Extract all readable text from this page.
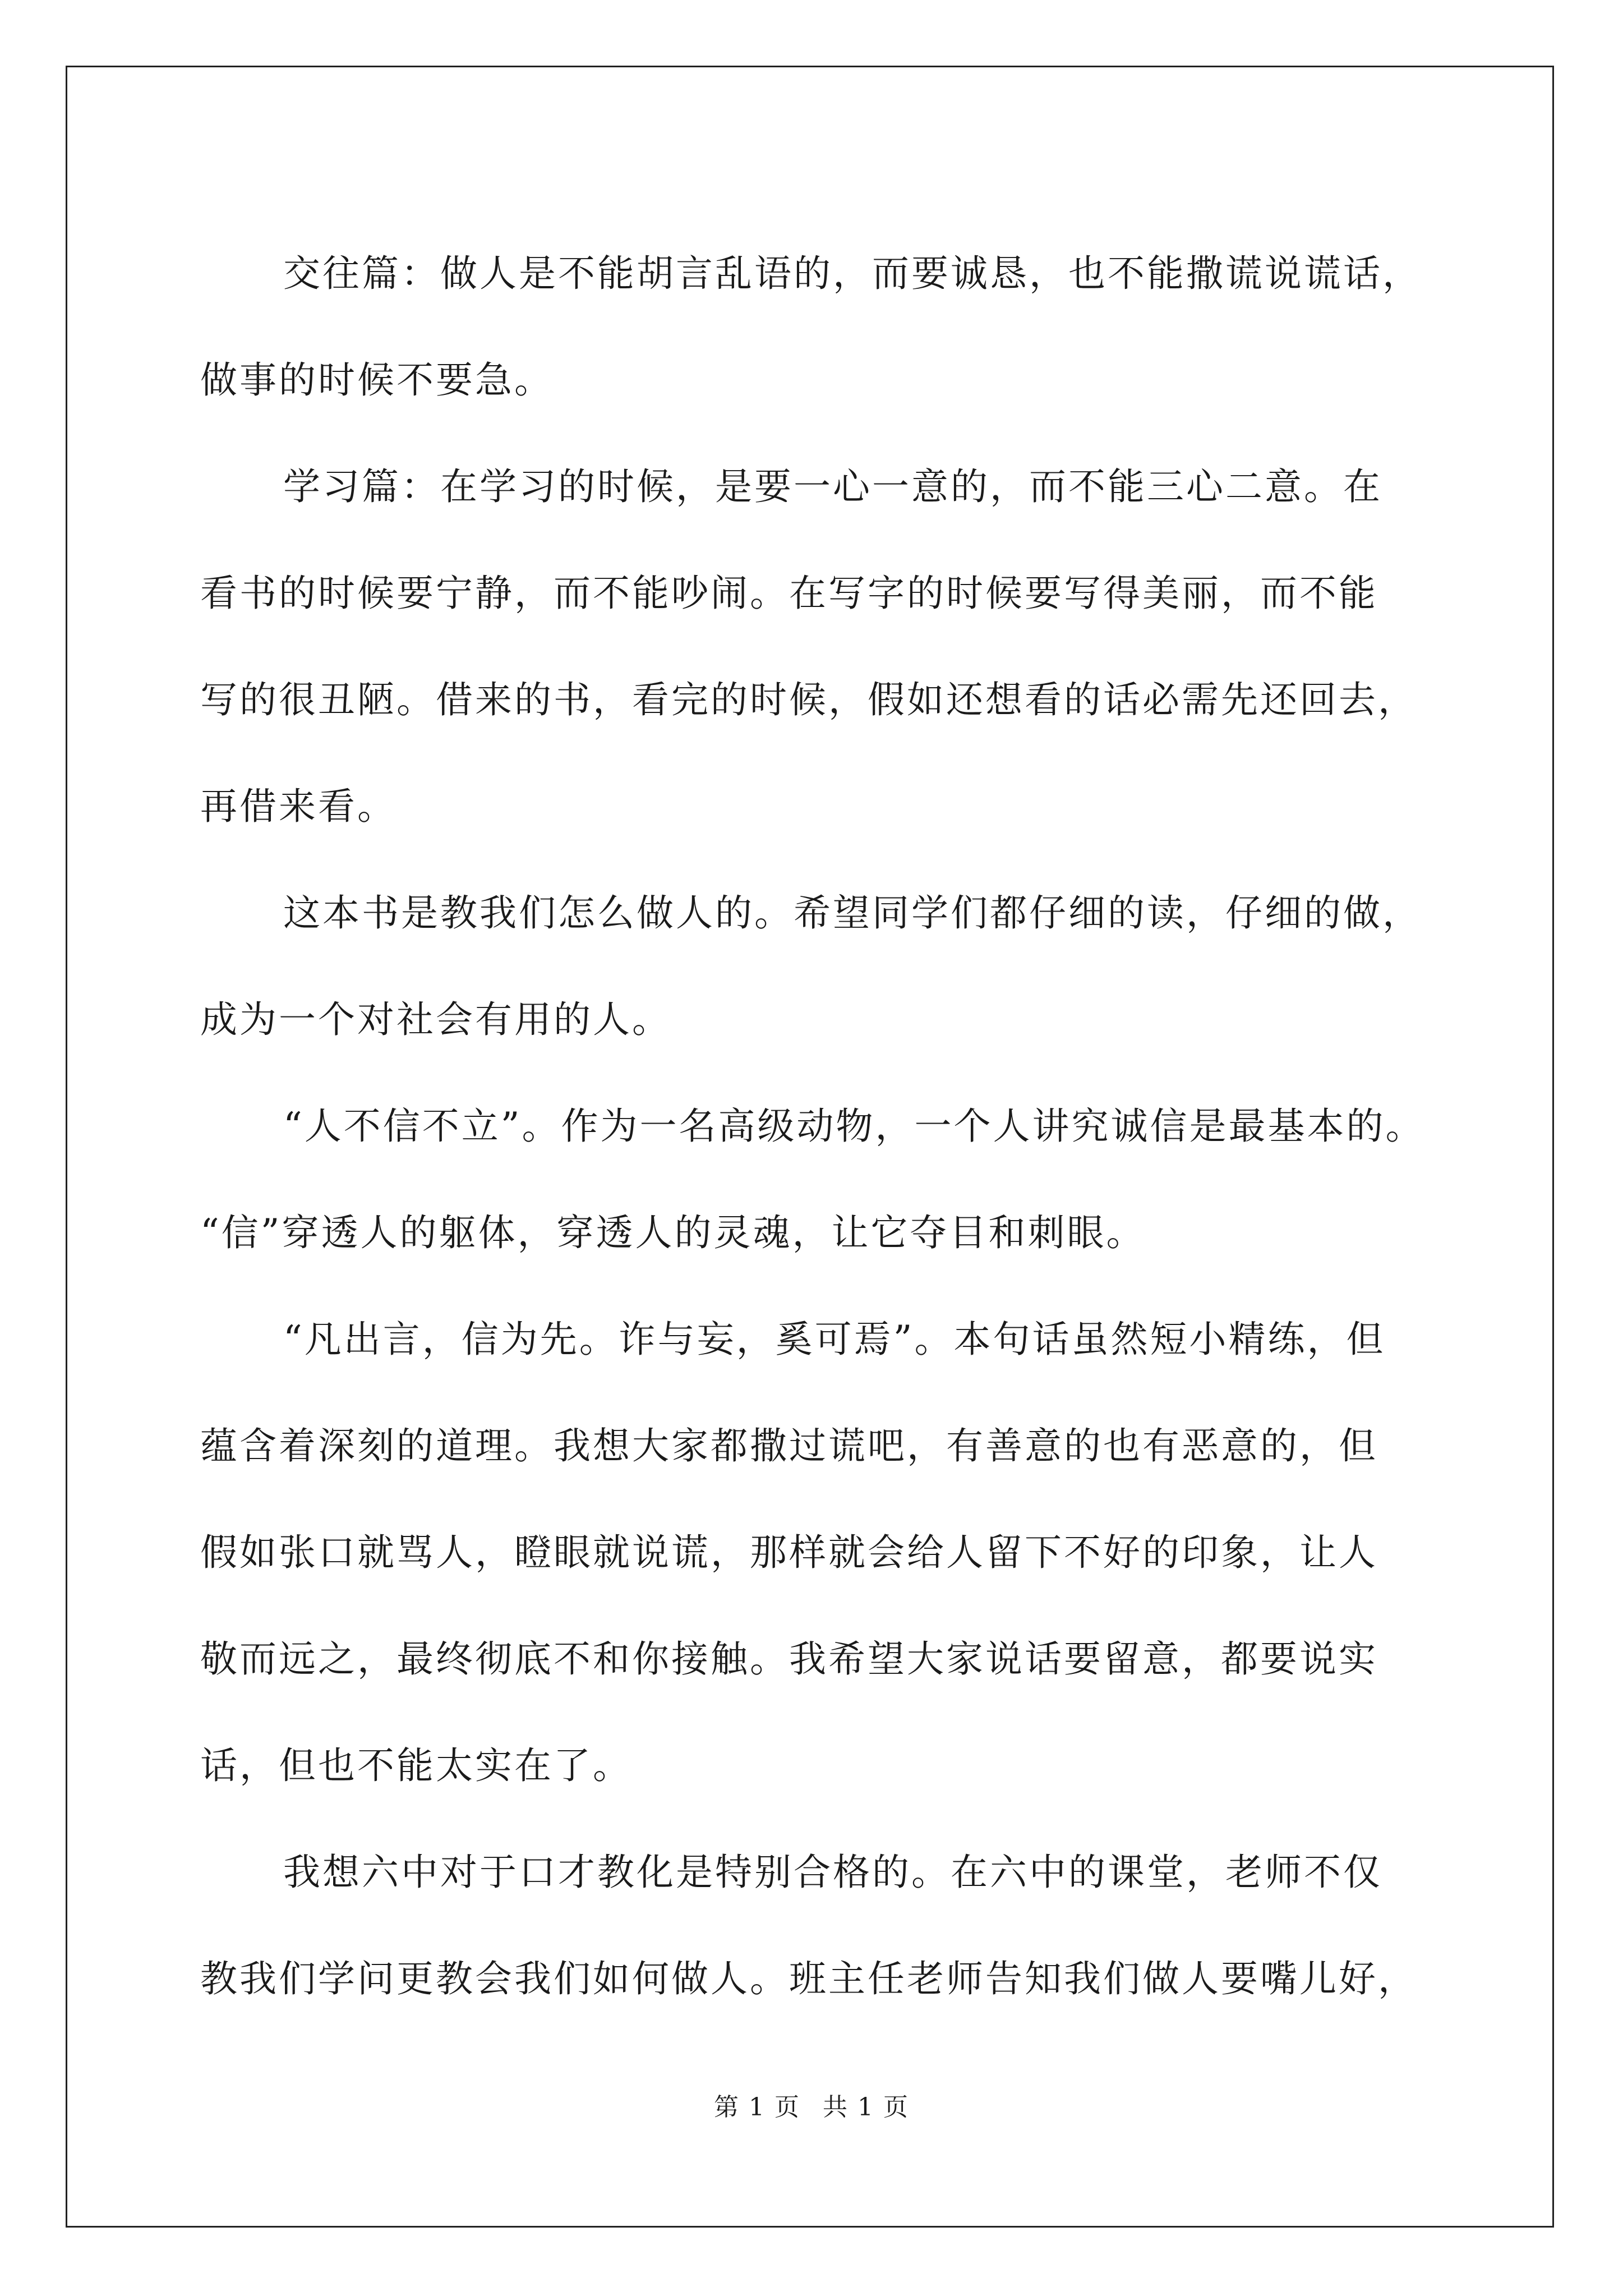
交往篇：做人是不能胡言乱语的，而要诚恳，也不能撒谎说谎话，
做事的时候不要急。
学习篇：在学习的时候，是要一心一意的，而不能三心二意。在
看书的时候要宁静，而不能吵闹。在写字的时候要写得美丽，而不能
写的很丑陋。借来的书，看完的时候，假如还想看的话必需先还回去，
再借来看。
这本书是教我们怎么做人的。希望同学们都仔细的读，仔细的做，
成为一个对社会有用的人。
“人不信不立”。作为一名高级动物，一个人讲究诚信是最基本的。
“信”穿透人的躯体，穿透人的灵魂，让它夺目和刺眼。
“凡出言，信为先。诈与妄，奚可焉”。本句话虽然短小精练，但
蕴含着深刻的道理。我想大家都撒过谎吧，有善意的也有恶意的，但
假如张口就骂人，瞪眼就说谎，那样就会给人留下不好的印象，让人
敬而远之，最终彻底不和你接触。我希望大家说话要留意，都要说实
话，但也不能太实在了。
我想六中对于口才教化是特别合格的。在六中的课堂，老师不仅
教我们学问更教会我们如何做人。班主任老师告知我们做人要嘴儿好，
第 1 页 共 1 页
